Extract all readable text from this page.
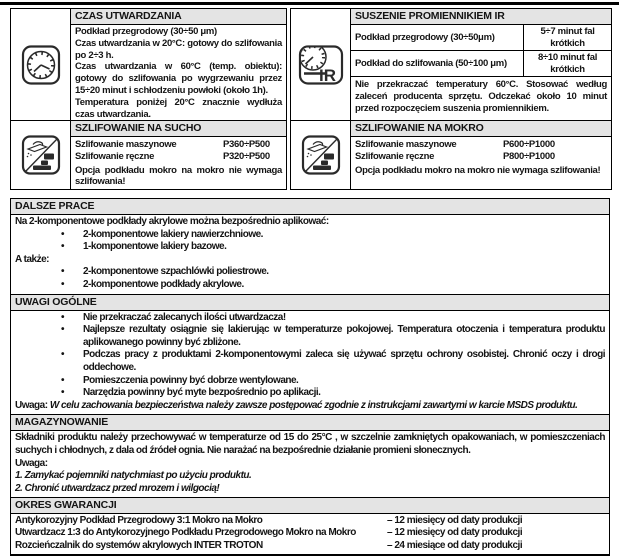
CZAS UTWARDZANIA

Podkład przegrodowy (30÷50 μm)

Czas utwardzania w 20°C: gotowy do szlifowania po 2÷3 h.

Czas utwardzania w 60°C (temp. obiektu): gotowy do szlifowania po wygrzewaniu przez 15÷20 minut i schłodzeniu powłoki (około 1h).

Temperatura poniżej 20°C znacznie wydłuża czas utwardzania.

SZLIFOWANIE NA SUCHO
Szlifowanie maszynowe	P360÷P500
Szlifowanie ręczne	P320÷P500
Opcja podkładu mokro na mokro nie wymaga szlifowania!
IR
SUSZENIE PROMIENNIKIEM IR
Podkład przegrodowy (30÷50μm)
5÷7 minut fal krótkich
Podkład do szlifowania (50÷100 μm)
8÷10 minut fal krótkich
Nie przekraczać temperatury 60°C. Stosować według zaleceń producenta sprzętu. Odczekać około 10 minut przed rozpoczęciem suszenia promiennikiem.
SZLIFOWANIE NA MOKRO
Szlifowanie maszynowe	P600÷P1000
Szlifowanie ręczne	P800÷P1000
Opcja podkładu mokro na mokro nie wymaga szlifowania!
DALSZE PRACE

Na 2-komponentowe podkłady akrylowe można bezpośrednio aplikować:

• 2-komponentowe lakiery nawierzchniowe.
• 1-komponentowe lakiery bazowe.

A także:

• 2-komponentowe szpachlówki poliestrowe.
• 2-komponentowe podkłady akrylowe.
UWAGI OGÓLNE
• Nie przekraczać zalecanych ilości utwardzacza!
• Najlepsze rezultaty osiągnie się lakierując w temperaturze pokojowej. Temperatura otoczenia i temperatura produktu aplikowanego powinny być zbliżone.
• Podczas pracy z produktami 2-komponentowymi zaleca się używać sprzętu ochrony osobistej. Chronić oczy i drogi oddechowe.
• Pomieszczenia powinny być dobrze wentylowane.
• Narzędzia powinny być myte bezpośrednio po aplikacji.

Uwaga: W celu zachowania bezpieczeństwa należy zawsze postępować zgodnie z instrukcjami zawartymi w karcie MSDS produktu.

MAGAZYNOWANIE

Składniki produktu należy przechowywać w temperaturze od 15 do 25°C , w szczelnie zamkniętych opakowaniach, w pomieszczeniach suchych i chłodnych, z dala od źródeł ognia. Nie narażać na bezpośrednie działanie promieni słonecznych.

Uwaga:

1. Zamykać pojemniki natychmiast po użyciu produktu.

2. Chronić utwardzacz przed mrozem i wilgocią!

OKRES GWARANCJI
Antykorozyjny Podkład Przegrodowy 3:1 Mokro na Mokro	– 12 miesięcy od daty produkcji
Utwardzacz 1:3 do Antykorozyjnego Podkładu Przegrodowego Mokro na Mokro	– 12 miesięcy od daty produkcji
Rozcieńczalnik do systemów akrylowych INTER TROTON	– 24 miesiące od daty produkcji
